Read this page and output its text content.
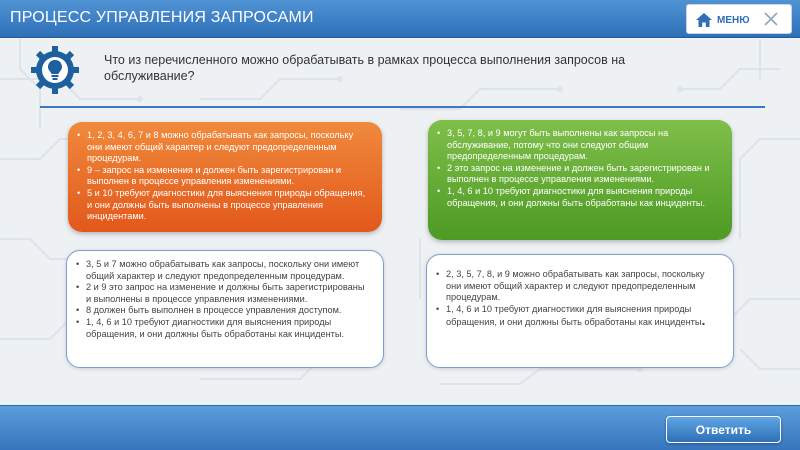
ПРОЦЕСС УПРАВЛЕНИЯ ЗАПРОСАМИ	МЕНЮ
Что из перечисленного можно обрабатывать в рамках процесса выполнения запросов на обслуживание?
• 1, 2, 3, 4, 6, 7 и 8 можно обрабатывать как запросы, поскольку они имеют общий характер и следуют предопределенным процедурам.
• 9 – запрос на изменения и должен быть зарегистрирован и выполнен в процессе управления изменениями.
• 5 и 10 требуют диагностики для выяснения природы обращения, и они должны быть выполнены в процессе управления инцидентами.
• 3, 5, 7, 8, и 9 могут быть выполнены как запросы на обслуживание, потому что они следуют общим предопределенным процедурам.
• 2 это запрос на изменение и должен быть зарегистрирован и выполнен в процессе управления изменениями.
• 1, 4, 6 и 10 требуют диагностики для выяснения природы обращения, и они должны быть обработаны как инциденты.
• 3, 5 и 7 можно обрабатывать как запросы, поскольку они имеют общий характер и следуют предопределенным процедурам.
• 2 и 9 это запрос на изменение и должны быть зарегистрированы и выполнены в процессе управления изменениями.
• 8 должен быть выполнен в процессе управления доступом.
• 1, 4, 6 и 10 требуют диагностики для выяснения природы обращения, и они должны быть обработаны как инциденты.
• 2, 3, 5, 7, 8, и 9 можно обрабатывать как запросы, поскольку они имеют общий характер и следуют предопределенным процедурам.
• 1, 4, 6 и 10 требуют диагностики для выяснения природы обращения, и они должны быть обработаны как инциденты.
Ответить
